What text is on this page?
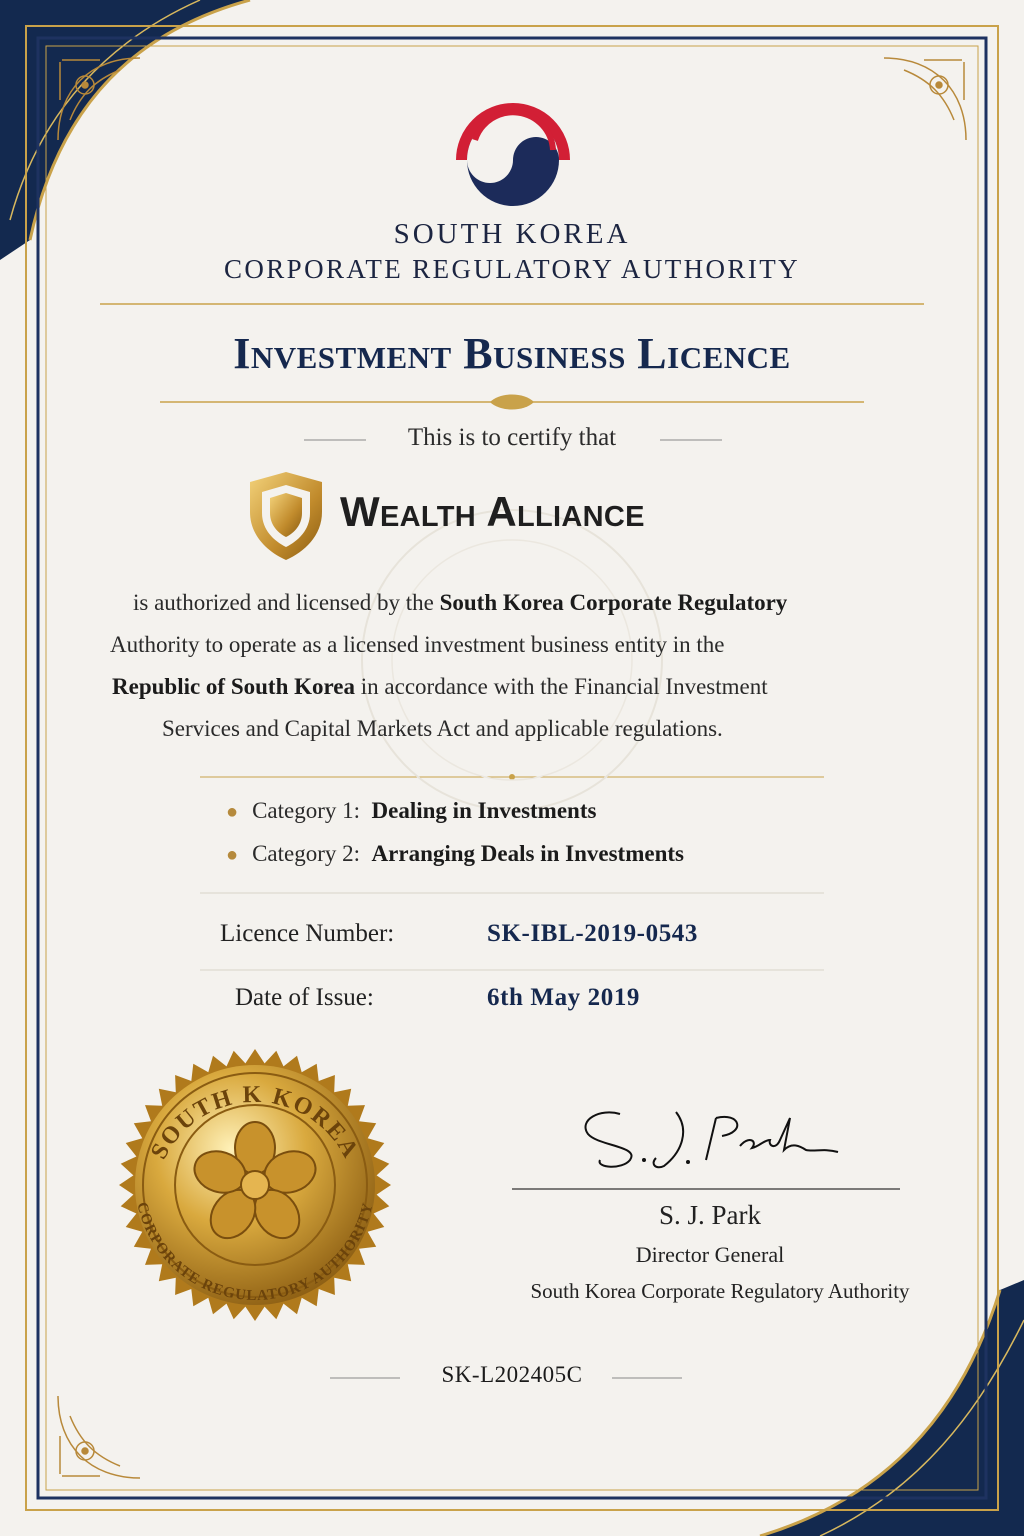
SOUTH K KOREA
CORPORATE REGULATORY AUTHORITY
SOUTH KOREA
CORPORATE REGULATORY AUTHORITY
Investment Business Licence
This is to certify that
Wealth Alliance
is authorized and licensed by the South Korea Corporate Regulatory
Authority to operate as a licensed investment business entity in the
Republic of South Korea in accordance with the Financial Investment
Services and Capital Markets Act and applicable regulations.
● Category 1: Dealing in Investments
● Category 2: Arranging Deals in Investments
Licence Number:	SK-IBL-2019-0543
Date of Issue:	6th May 2019
S. J. Park
Director General
South Korea Corporate Regulatory Authority
SK-L202405C
